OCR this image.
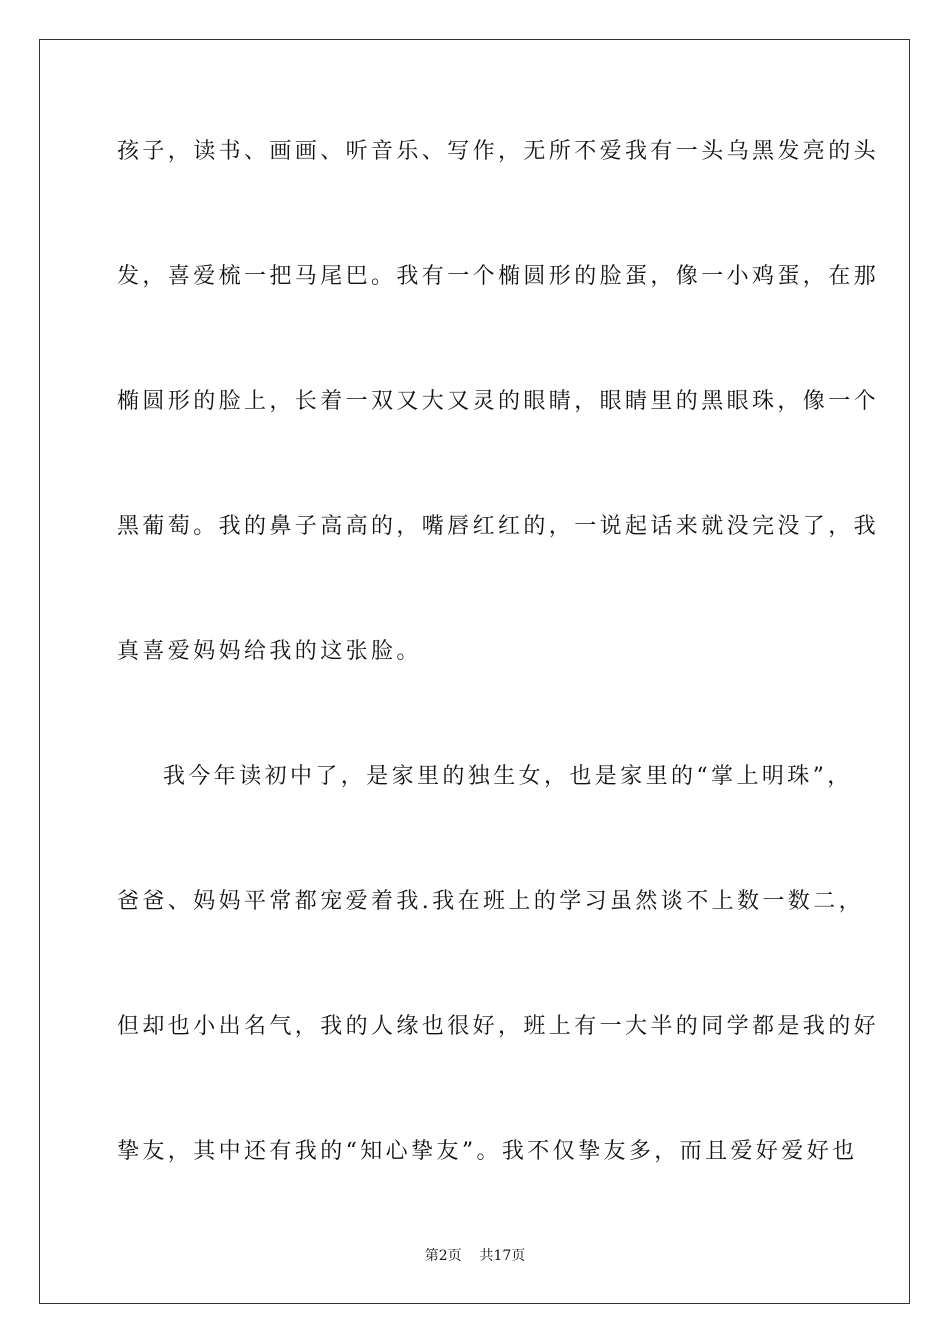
孩子，读书、画画、听音乐、写作，无所不爱我有一头乌黑发亮的头
发，喜爱梳一把马尾巴。我有一个椭圆形的脸蛋，像一小鸡蛋，在那
椭圆形的脸上，长着一双又大又灵的眼睛，眼睛里的黑眼珠，像一个
黑葡萄。我的鼻子高高的，嘴唇红红的，一说起话来就没完没了，我
真喜爱妈妈给我的这张脸。
我今年读初中了，是家里的独生女，也是家里的“掌上明珠”，
爸爸、妈妈平常都宠爱着我.我在班上的学习虽然谈不上数一数二，
但却也小出名气，我的人缘也很好，班上有一大半的同学都是我的好
挚友，其中还有我的“知心挚友”。我不仅挚友多，而且爱好爱好也
第2页    共17页
